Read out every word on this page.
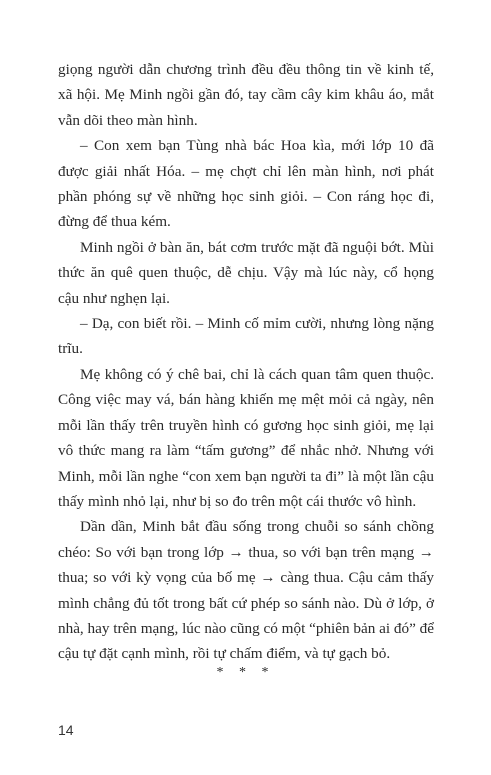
giọng người dẫn chương trình đều đều thông tin về kinh tế, xã hội. Mẹ Minh ngồi gần đó, tay cầm cây kim khâu áo, mắt vẫn dõi theo màn hình.

– Con xem bạn Tùng nhà bác Hoa kìa, mới lớp 10 đã được giải nhất Hóa. – mẹ chợt chỉ lên màn hình, nơi phát phần phóng sự về những học sinh giỏi. – Con ráng học đi, đừng để thua kém.

Minh ngồi ở bàn ăn, bát cơm trước mặt đã nguội bớt. Mùi thức ăn quê quen thuộc, dễ chịu. Vậy mà lúc này, cổ họng cậu như nghẹn lại.

– Dạ, con biết rồi. – Minh cố mỉm cười, nhưng lòng nặng trĩu.

Mẹ không có ý chê bai, chỉ là cách quan tâm quen thuộc. Công việc may vá, bán hàng khiến mẹ mệt mỏi cả ngày, nên mỗi lần thấy trên truyền hình có gương học sinh giỏi, mẹ lại vô thức mang ra làm “tấm gương” để nhắc nhở. Nhưng với Minh, mỗi lần nghe “con xem bạn người ta đi” là một lần cậu thấy mình nhỏ lại, như bị so đo trên một cái thước vô hình.

Dần dần, Minh bắt đầu sống trong chuỗi so sánh chồng chéo: So với bạn trong lớp → thua, so với bạn trên mạng → thua; so với kỳ vọng của bố mẹ → càng thua. Cậu cảm thấy mình chẳng đủ tốt trong bất cứ phép so sánh nào. Dù ở lớp, ở nhà, hay trên mạng, lúc nào cũng có một “phiên bản ai đó” để cậu tự đặt cạnh mình, rồi tự chấm điểm, và tự gạch bỏ.

* * *
14
